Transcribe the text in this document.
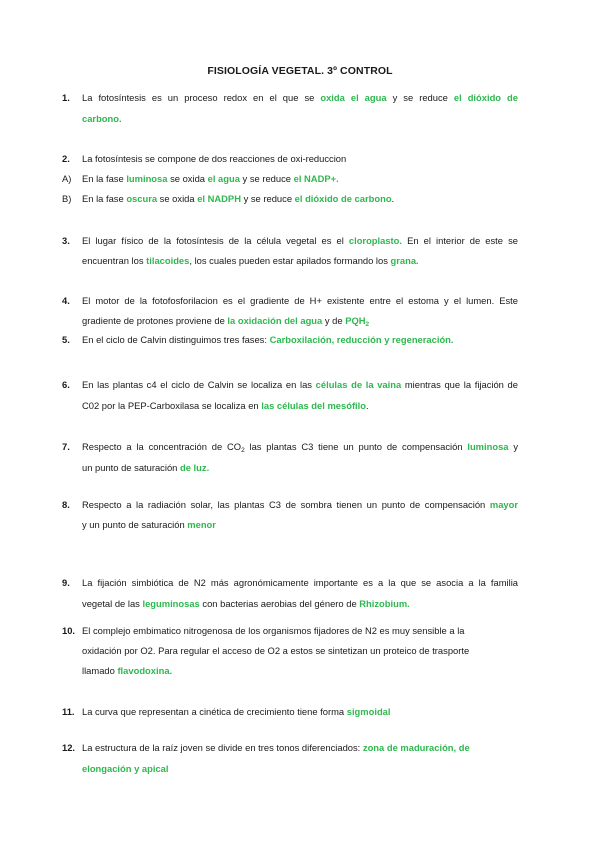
FISIOLOGÍA VEGETAL. 3º CONTROL
1. La fotosíntesis es un proceso redox en el que se oxida el agua y se reduce el dióxido de
carbono.
2. La fotosíntesis se compone de dos reacciones de oxi-reduccion
A) En la fase luminosa se oxida el agua y se reduce el NADP+.
B) En la fase oscura se oxida el NADPH y se reduce el dióxido de carbono.
3. El lugar físico de la fotosíntesis de la célula vegetal es el cloroplasto. En el interior de este se
encuentran los tilacoides, los cuales pueden estar apilados formando los grana.
4. El motor de la fotofosforilacion es el gradiente de H+ existente entre el estoma y el lumen. Este
gradiente de protones proviene de la oxidación del agua y de $PQH_2$
5. En el ciclo de Calvin distinguimos tres fases: Carboxilación, reducción y regeneración.
6. En las plantas c4 el ciclo de Calvin se localiza en las células de la vaina mientras que la fijación de
C02 por la PEP-Carboxilasa se localiza en las células del mesófilo.
7. Respecto a la concentración de $CO_2$ las plantas C3 tiene un punto de compensación luminosa y
un punto de saturación de luz.
8. Respecto a la radiación solar, las plantas C3 de sombra tienen un punto de compensación mayor
y un punto de saturación menor
9. La fijación simbiótica de N2 más agronómicamente importante es a la que se asocia a la familia
vegetal de las leguminosas con bacterias aerobias del género de Rhizobium.
10. El complejo embimatico nitrogenosa de los organismos fijadores de N2 es muy sensible a la
oxidación por O2. Para regular el acceso de O2 a estos se sintetizan un proteico de trasporte
llamado flavodoxina.
11. La curva que representan a cinética de crecimiento tiene forma sigmoidal
12. La estructura de la raíz joven se divide en tres tonos diferenciados: zona de maduración, de
elongación y apical
